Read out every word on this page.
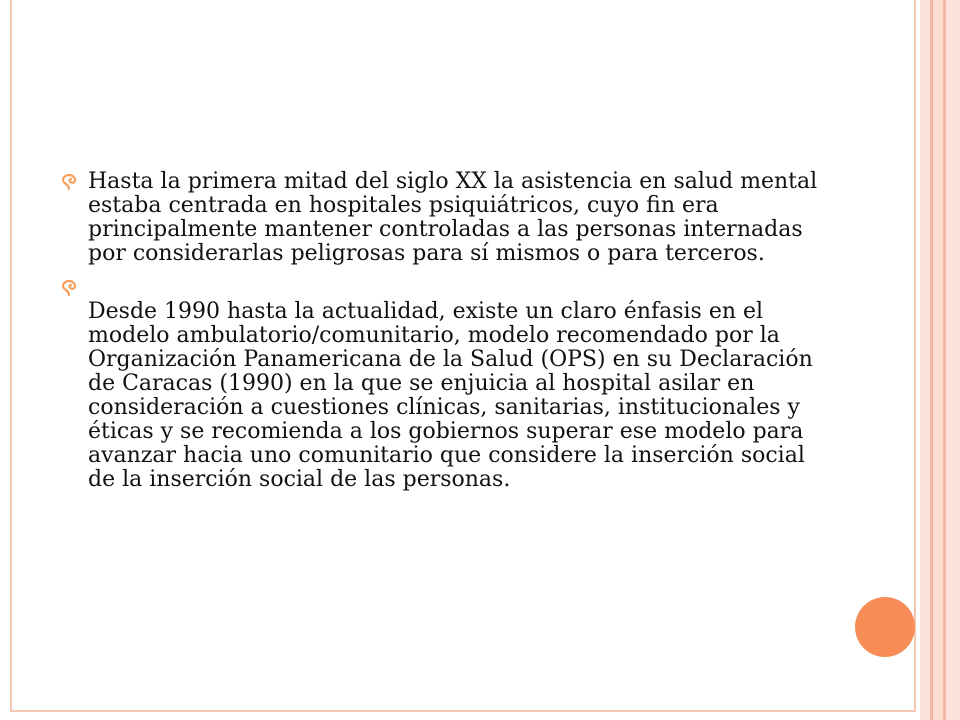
Hasta la primera mitad del siglo XX la asistencia en salud mental estaba centrada en hospitales psiquiátricos, cuyo fin era principalmente mantener controladas a las personas internadas por considerarlas peligrosas para sí mismos o para terceros.

Desde 1990 hasta la actualidad, existe un claro énfasis en el modelo ambulatorio/comunitario, modelo recomendado por la Organización Panamericana de la Salud (OPS) en su Declaración de Caracas (1990) en la que se enjuicia al hospital asilar en consideración a cuestiones clínicas, sanitarias, institucionales y éticas y se recomienda a los gobiernos superar ese modelo para avanzar hacia uno comunitario que considere la inserción social de la inserción social de las personas.
